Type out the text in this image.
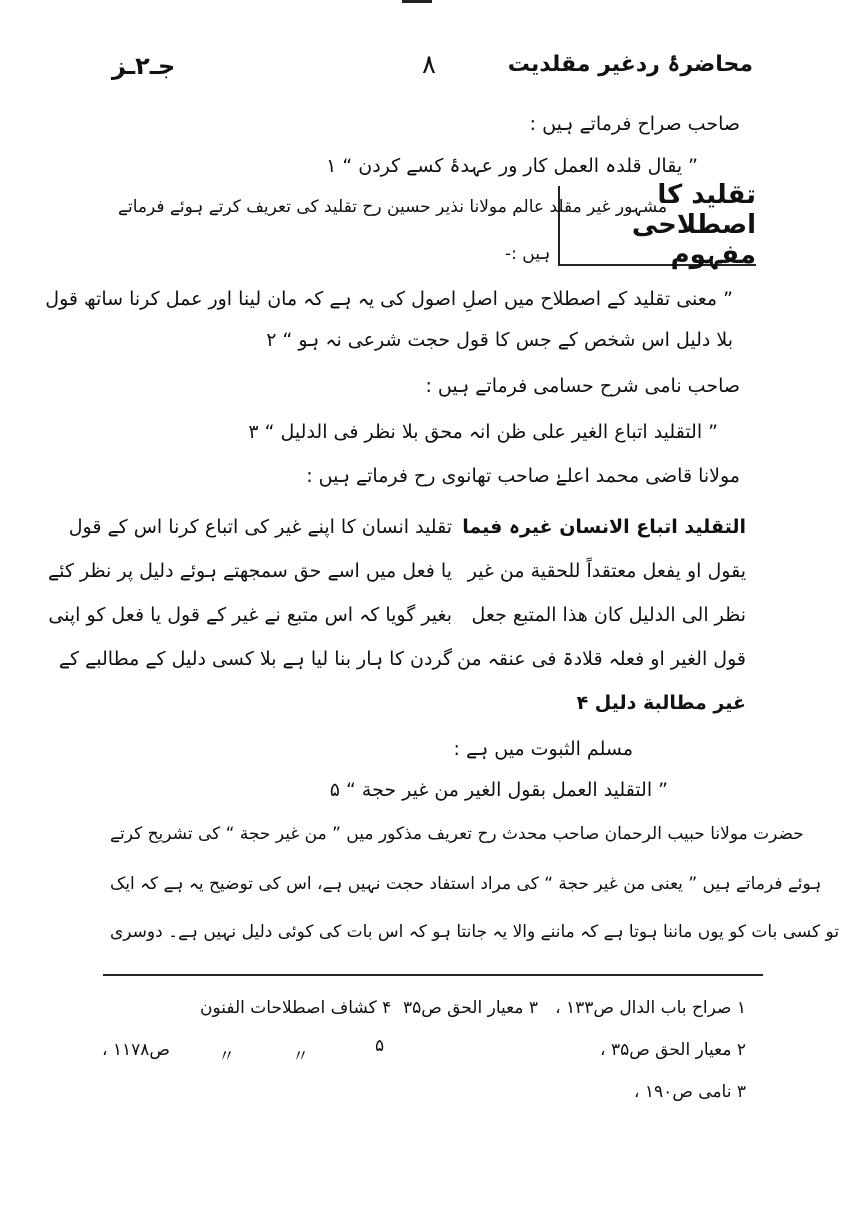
جـ۲ـز	۸	محاضرۂ ردغیر مقلدیت
صاحب صراح فرماتے ہیں :
” یقال قلدہ العمل کار ور عہدۂ کسے کردن “ ۱
تقلید کا اصطلاحی مفہوم
مشہور غیر مقلد عالم مولانا نذیر حسین رح تقلید کی تعریف کرتے ہوئے فرماتے
ہیں :-
” معنی تقلید کے اصطلاح میں اصلِ اصول کی یہ ہے کہ مان لینا اور عمل کرنا ساتھ قول
بلا دلیل اس شخص کے جس کا قول حجت شرعی نہ ہو “ ۲
صاحب نامی شرح حسامی فرماتے ہیں :
” التقلید اتباع الغیر علی ظن انہ محق بلا نظر فی الدلیل “ ۳
مولانا قاضی محمد اعلےٰ صاحب تھانوی رح فرماتے ہیں :
التقلید اتباع الانسان غیرہ فیما
یقول او یفعل معتقداً للحقیة من غیر
نظر الی الدلیل کان ھذا المتبع جعل
قول الغیر او فعلہ قلادۃ فی عنقہ من
غیر مطالبة دلیل ۴
تقلید انسان کا اپنے غیر کی اتباع کرنا اس کے قول
یا فعل میں اسے حق سمجھتے ہوئے دلیل پر نظر کئے
بغیر گویا کہ اس متبع نے غیر کے قول یا فعل کو اپنی
گردن کا ہار بنا لیا ہے بلا کسی دلیل کے مطالبے کے
مسلم الثبوت میں ہے :
” التقلید العمل بقول الغیر من غیر حجة “ ۵
حضرت مولانا حبیب الرحمان صاحب محدث رح تعریف مذکور میں ” من غیر حجة “ کی تشریح کرتے
ہوئے فرماتے ہیں ” یعنی من غیر حجة “ کی مراد استفاد حجت نہیں ہے، اس کی توضیح یہ ہے کہ ایک
تو کسی بات کو یوں ماننا ہوتا ہے کہ ماننے والا یہ جانتا ہو کہ اس بات کی کوئی دلیل نہیں ہے۔ دوسری
۱ صراح باب الدال ص۱۳۳ ،
۳ معیار الحق ص۳۵
۴ کشاف اصطلاحات الفنون
۲ معیار الحق ص۳۵ ،
۵
〃
〃
ص۱۱۷۸ ،
۳ نامی ص۱۹۰ ،
